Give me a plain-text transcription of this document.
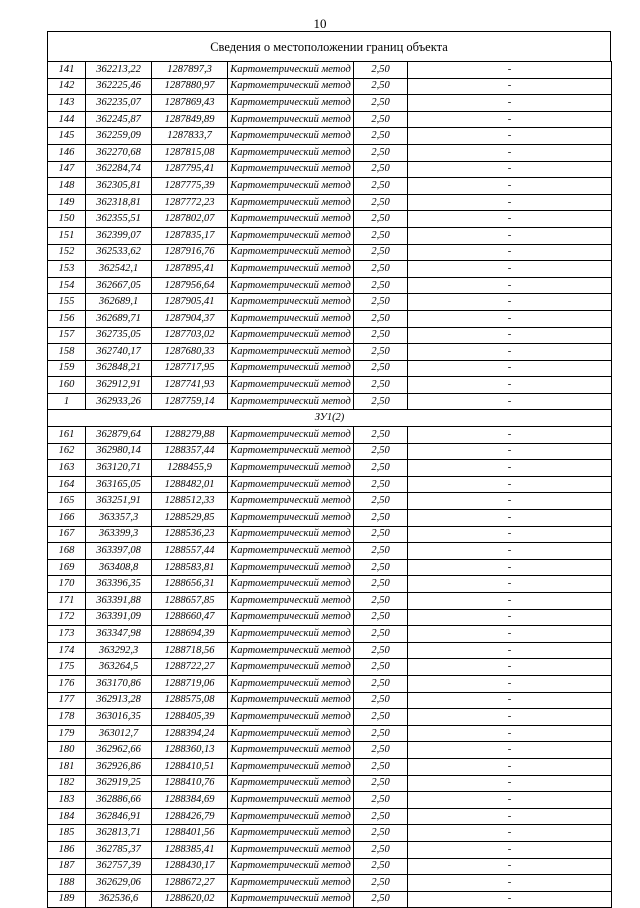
10
Сведения о местоположении границ объекта
141	362213,22	1287897,3	Картометрический метод	2,50	-
142	362225,46	1287880,97	Картометрический метод	2,50	-
143	362235,07	1287869,43	Картометрический метод	2,50	-
144	362245,87	1287849,89	Картометрический метод	2,50	-
145	362259,09	1287833,7	Картометрический метод	2,50	-
146	362270,68	1287815,08	Картометрический метод	2,50	-
147	362284,74	1287795,41	Картометрический метод	2,50	-
148	362305,81	1287775,39	Картометрический метод	2,50	-
149	362318,81	1287772,23	Картометрический метод	2,50	-
150	362355,51	1287802,07	Картометрический метод	2,50	-
151	362399,07	1287835,17	Картометрический метод	2,50	-
152	362533,62	1287916,76	Картометрический метод	2,50	-
153	362542,1	1287895,41	Картометрический метод	2,50	-
154	362667,05	1287956,64	Картометрический метод	2,50	-
155	362689,1	1287905,41	Картометрический метод	2,50	-
156	362689,71	1287904,37	Картометрический метод	2,50	-
157	362735,05	1287703,02	Картометрический метод	2,50	-
158	362740,17	1287680,33	Картометрический метод	2,50	-
159	362848,21	1287717,95	Картометрический метод	2,50	-
160	362912,91	1287741,93	Картометрический метод	2,50	-
1	362933,26	1287759,14	Картометрический метод	2,50	-
ЗУ1(2)					
161	362879,64	1288279,88	Картометрический метод	2,50	-
162	362980,14	1288357,44	Картометрический метод	2,50	-
163	363120,71	1288455,9	Картометрический метод	2,50	-
164	363165,05	1288482,01	Картометрический метод	2,50	-
165	363251,91	1288512,33	Картометрический метод	2,50	-
166	363357,3	1288529,85	Картометрический метод	2,50	-
167	363399,3	1288536,23	Картометрический метод	2,50	-
168	363397,08	1288557,44	Картометрический метод	2,50	-
169	363408,8	1288583,81	Картометрический метод	2,50	-
170	363396,35	1288656,31	Картометрический метод	2,50	-
171	363391,88	1288657,85	Картометрический метод	2,50	-
172	363391,09	1288660,47	Картометрический метод	2,50	-
173	363347,98	1288694,39	Картометрический метод	2,50	-
174	363292,3	1288718,56	Картометрический метод	2,50	-
175	363264,5	1288722,27	Картометрический метод	2,50	-
176	363170,86	1288719,06	Картометрический метод	2,50	-
177	362913,28	1288575,08	Картометрический метод	2,50	-
178	363016,35	1288405,39	Картометрический метод	2,50	-
179	363012,7	1288394,24	Картометрический метод	2,50	-
180	362962,66	1288360,13	Картометрический метод	2,50	-
181	362926,86	1288410,51	Картометрический метод	2,50	-
182	362919,25	1288410,76	Картометрический метод	2,50	-
183	362886,66	1288384,69	Картометрический метод	2,50	-
184	362846,91	1288426,79	Картометрический метод	2,50	-
185	362813,71	1288401,56	Картометрический метод	2,50	-
186	362785,37	1288385,41	Картометрический метод	2,50	-
187	362757,39	1288430,17	Картометрический метод	2,50	-
188	362629,06	1288672,27	Картометрический метод	2,50	-
189	362536,6	1288620,02	Картометрический метод	2,50	-
